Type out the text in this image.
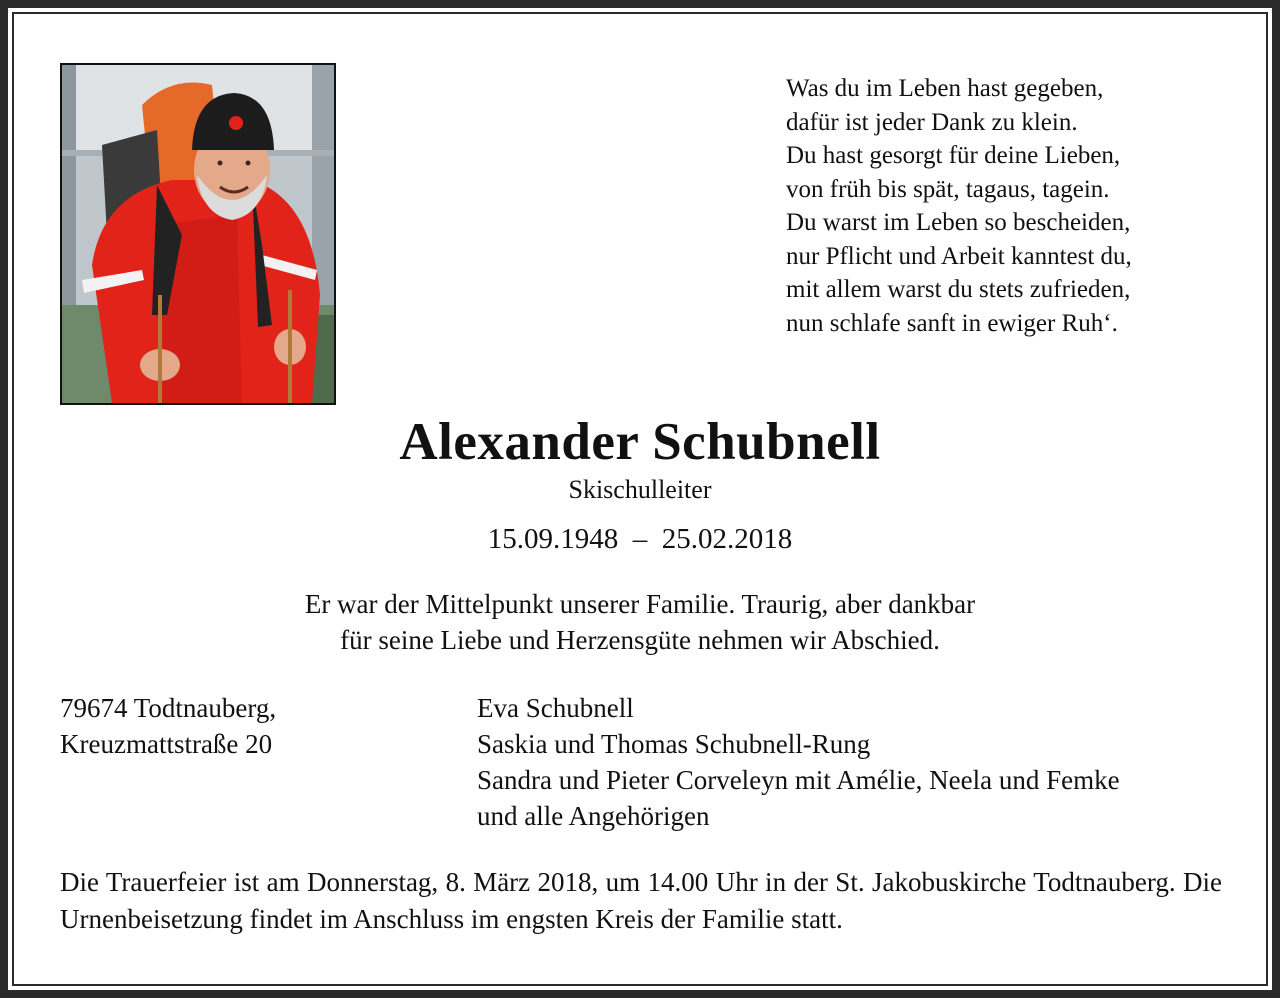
Was du im Leben hast gegeben,
dafür ist jeder Dank zu klein.
Du hast gesorgt für deine Lieben,
von früh bis spät, tagaus, tagein.
Du warst im Leben so bescheiden,
nur Pflicht und Arbeit kanntest du,
mit allem warst du stets zufrieden,
nun schlafe sanft in ewiger Ruh‘.
Alexander Schubnell
Skischulleiter
15.09.1948  –  25.02.2018
Er war der Mittelpunkt unserer Familie. Traurig, aber dankbar
für seine Liebe und Herzensgüte nehmen wir Abschied.
79674 Todtnauberg,
Kreuzmattstraße 20
Eva Schubnell
Saskia und Thomas Schubnell-Rung
Sandra und Pieter Corveleyn mit Amélie, Neela und Femke
und alle Angehörigen
Die Trauerfeier ist am Donnerstag, 8. März 2018, um 14.00 Uhr in der St. Jakobuskirche Todtnauberg. Die Urnenbeisetzung findet im Anschluss im engsten Kreis der Familie statt.
